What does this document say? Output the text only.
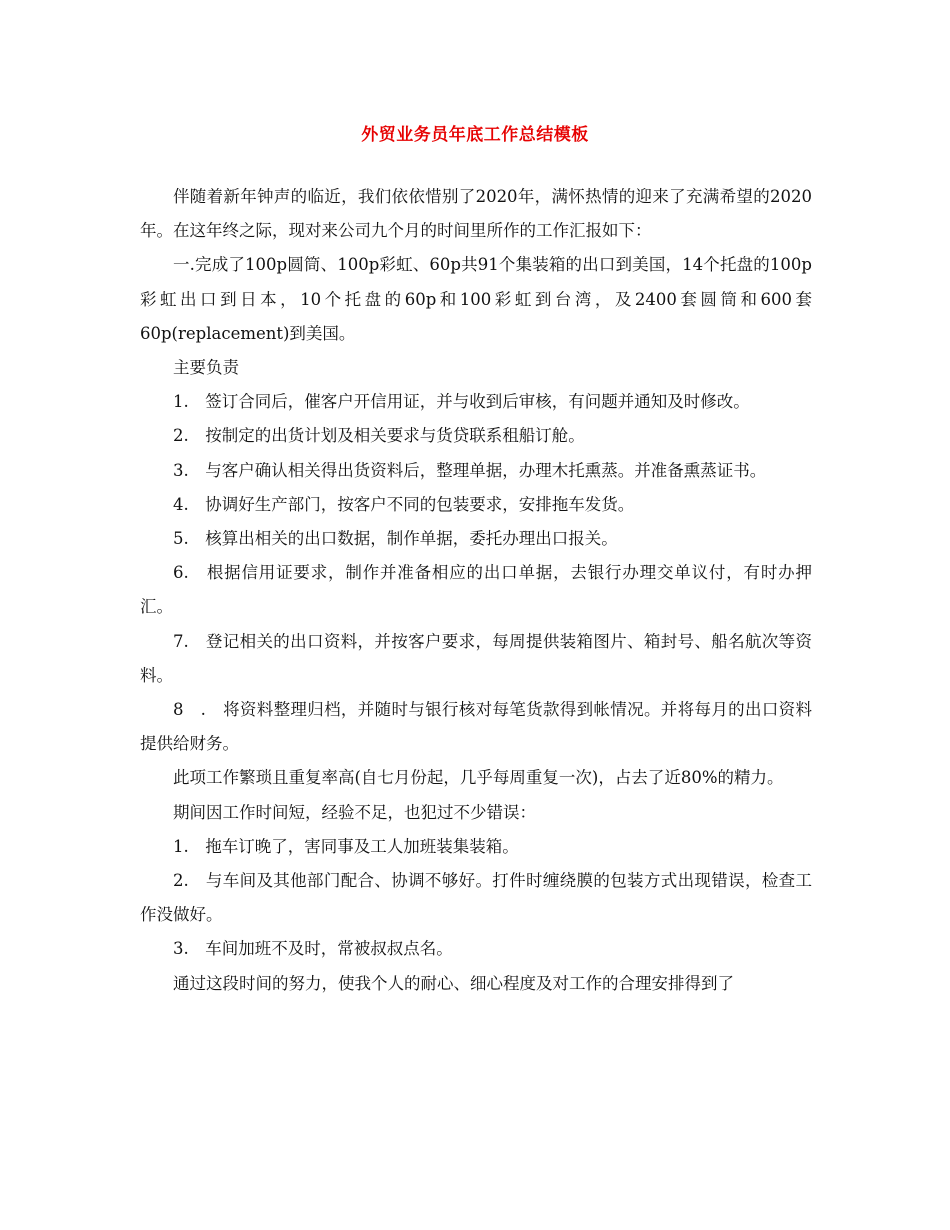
外贸业务员年底工作总结模板

伴随着新年钟声的临近，我们依依惜别了2020年，满怀热情的迎来了充满希望的2020年。在这年终之际，现对来公司九个月的时间里所作的工作汇报如下：

一.完成了100p圆筒、100p彩虹、60p共91个集装箱的出口到美国，14个托盘的100p彩虹出口到日本，10个托盘的60p和100彩虹到台湾，及2400套圆筒和600套60p(replacement)到美国。

主要负责

1.　签订合同后，催客户开信用证，并与收到后审核，有问题并通知及时修改。

2.　按制定的出货计划及相关要求与货贷联系租船订舱。

3.　与客户确认相关得出货资料后，整理单据，办理木托熏蒸。并准备熏蒸证书。

4.　协调好生产部门，按客户不同的包装要求，安排拖车发货。

5.　核算出相关的出口数据，制作单据，委托办理出口报关。

6.　根据信用证要求，制作并准备相应的出口单据，去银行办理交单议付，有时办押汇。

7.　登记相关的出口资料，并按客户要求，每周提供装箱图片、箱封号、船名航次等资料。

8　.　将资料整理归档，并随时与银行核对每笔货款得到帐情况。并将每月的出口资料提供给财务。

此项工作繁琐且重复率高(自七月份起，几乎每周重复一次)，占去了近80%的精力。

期间因工作时间短，经验不足，也犯过不少错误：

1.　拖车订晚了，害同事及工人加班装集装箱。

2.　与车间及其他部门配合、协调不够好。打件时缠绕膜的包装方式出现错误，检查工作没做好。

3.　车间加班不及时，常被叔叔点名。

通过这段时间的努力，使我个人的耐心、细心程度及对工作的合理安排得到了
